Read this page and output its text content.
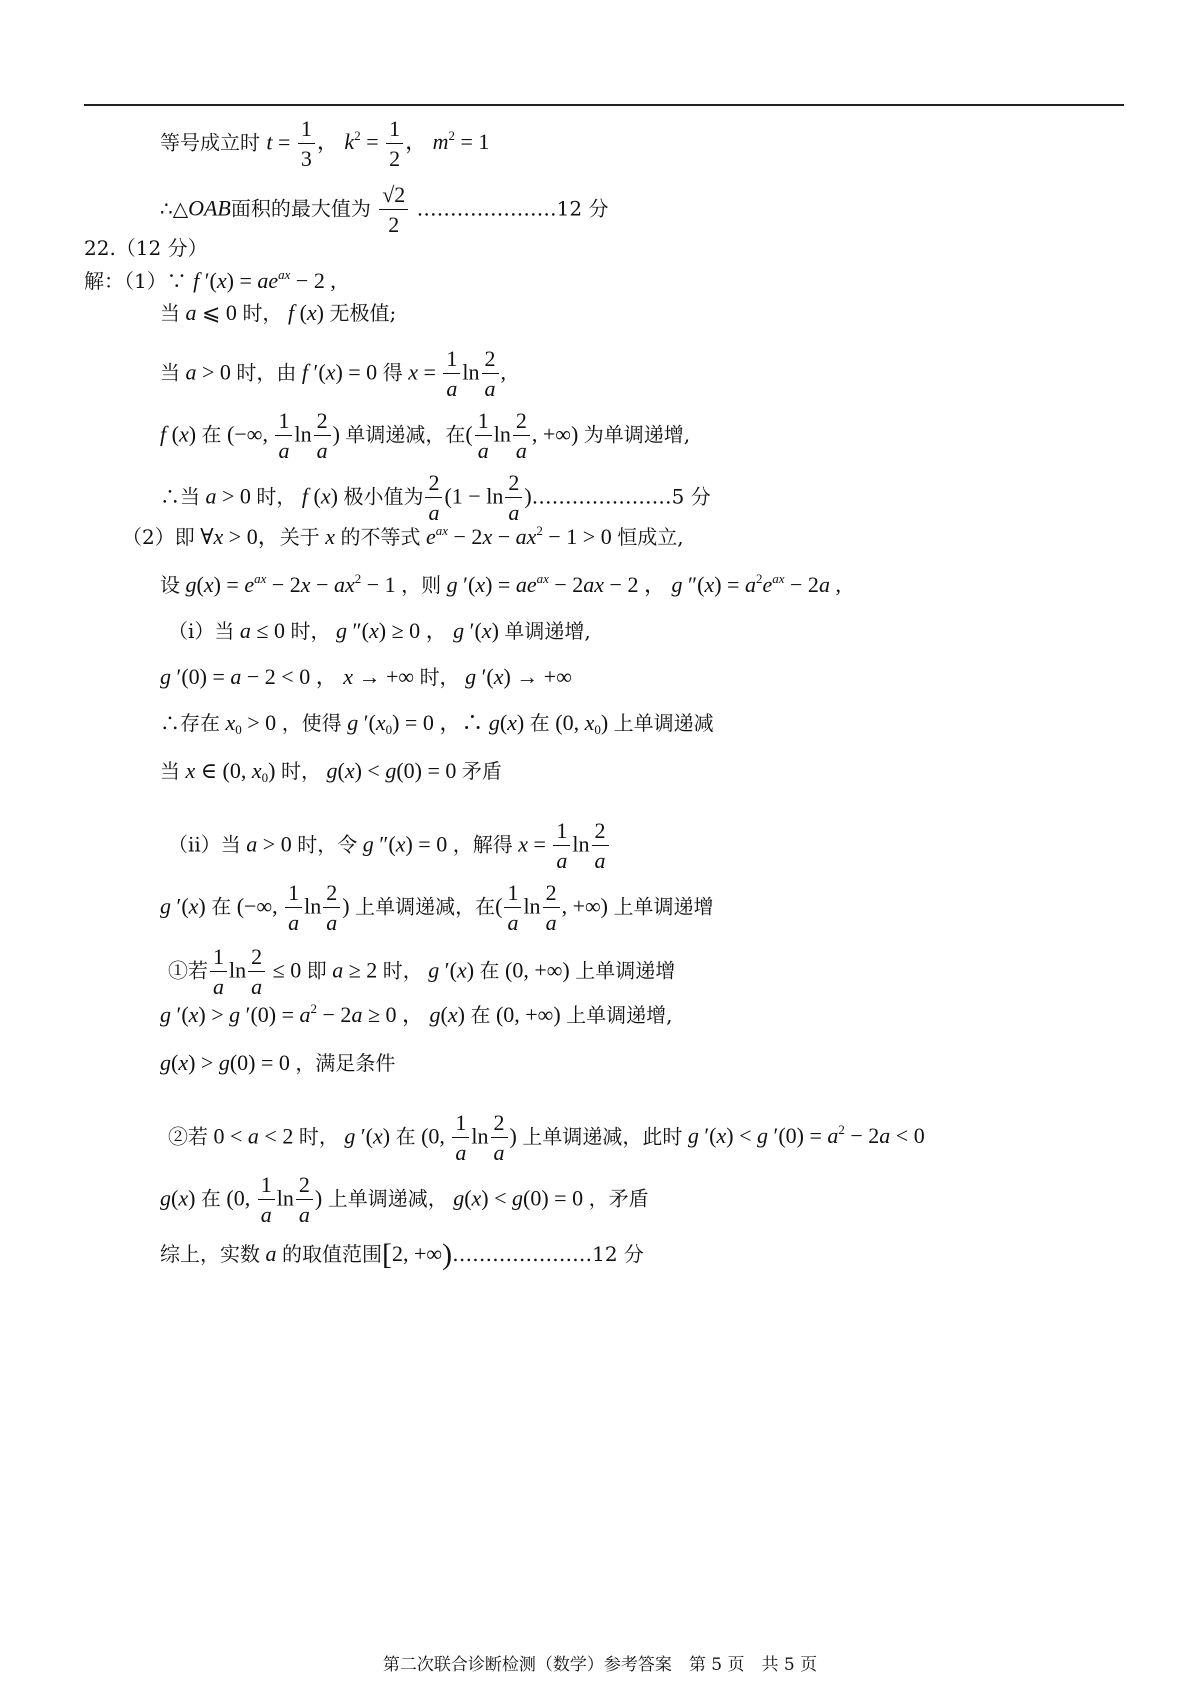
等号成立时 $t = \frac{1}{3}$ ， $k^2 = \frac{1}{2}$ ， $m^2 = 1$
∴△OAB面积的最大值为 $\frac{√2}{2}$ …………………12 分
22.（12 分）
解：（1）∵ f $'(x) = ae^{ax} - 2$ ,
当 a ⩽ 0 时， f (x) 无极值;
当 a > 0 时，由 f ′(x) = 0 得 $x = \frac{1}{a}$ $\ln \frac{2}{a}$ ,
f (x) 在 (−∞, $\frac{1}{a}$ $\ln \frac{2}{a}$ ) 单调递减，在( $\frac{1}{a}$ $\ln \frac{2}{a}$ , +∞) 为单调递增,
∴当 a > 0 时， f (x) 极小值为 $\frac{2}{a} (1 - \ln \frac{2}{a}$ )…………………5 分
（2）即 ∀x > 0，关于 x 的不等式 $e^{ax} - 2x - ax^2 - 1 > 0$ 恒成立,
设 $g(x) = e^{ax} - 2x - ax^2 - 1$ ，则 g $'(x) = ae^{ax} - 2ax - 2$ ， g $''(x) = a^2e^{ax} - 2a$ ,
（i）当 a ≤ 0 时， g ″(x) ≥ 0 ， g ′(x) 单调递增,
g ′(0) = a − 2 < 0 ， x → +∞ 时， g ′(x) → +∞
∴存在 $x_0 > 0$ ，使得 g $'(x_0) = 0$ ，∴ g(x) 在 (0, $x_0$) 上单调递减
当 x ∈ (0, $x_0$) 时， g(x) < g(0) = 0 矛盾
（ii）当 a > 0 时，令 g ″(x) = 0 ，解得 $x = \frac{1}{a}$ $\ln \frac{2}{a}$
g ′(x) 在 (−∞, $\frac{1}{a}$ $\ln \frac{2}{a}$ ) 上单调递减，在( $\frac{1}{a}$ $\ln \frac{2}{a}$ , +∞) 上单调递增
①若 $\frac{1}{a}$ $\ln \frac{2}{a} \le 0$ 即 a ≥ 2 时， g ′(x) 在 (0, +∞) 上单调递增
g ′(x) > g $'(0) = a^2 - 2a \ge 0$ ， g(x) 在 (0, +∞) 上单调递增,
g(x) > g(0) = 0 ，满足条件
②若 0 < a < 2 时， g ′(x) 在 (0, $\frac{1}{a}$ $\ln \frac{2}{a}$ ) 上单调递减，此时 g ′(x) < g $'(0) = a^2 - 2a < 0$
g(x) 在 (0, $\frac{1}{a}$ $\ln \frac{2}{a}$ ) 上单调递减， g(x) < g(0) = 0 ，矛盾
综上，实数 a 的取值范围[2, +∞)…………………12 分
第二次联合诊断检测（数学）参考答案　第 5 页　共 5 页
